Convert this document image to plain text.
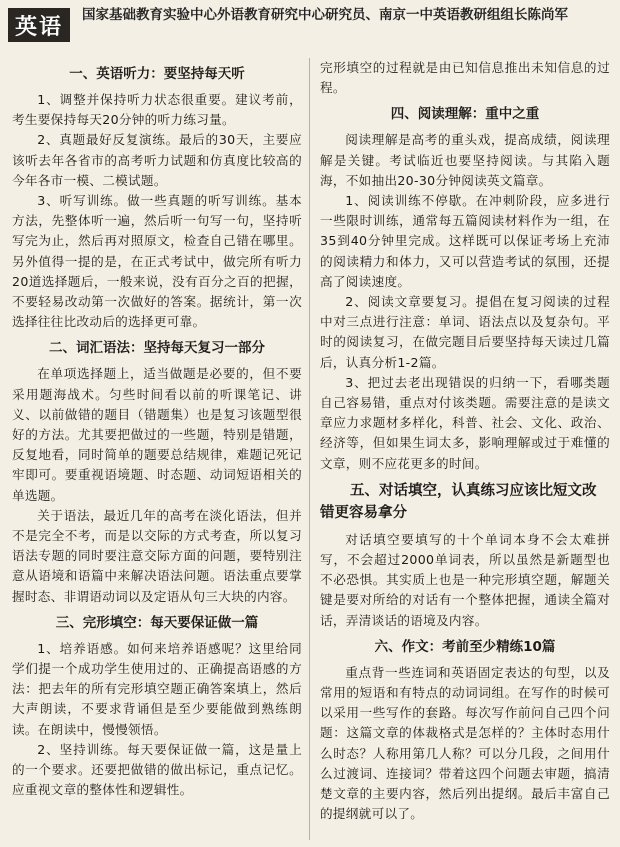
英语	国家基础教育实验中心外语教育研究中心研究员、南京一中英语教研组组长陈尚军
一、英语听力：要坚持每天听

1、调整并保持听力状态很重要。建议考前，考生要保持每天20分钟的听力练习量。

2、真题最好反复演练。最后的30天，主要应该听去年各省市的高考听力试题和仿真度比较高的今年各市一模、二模试题。

3、听写训练。做一些真题的听写训练。基本方法，先整体听一遍，然后听一句写一句，坚持听写完为止，然后再对照原文，检查自己错在哪里。另外值得一提的是，在正式考试中，做完所有听力20道选择题后，一般来说，没有百分之百的把握，不要轻易改动第一次做好的答案。据统计，第一次选择往往比改动后的选择更可靠。

二、词汇语法：坚持每天复习一部分

在单项选择题上，适当做题是必要的，但不要采用题海战术。匀些时间看以前的听课笔记、讲义、以前做错的题目（错题集）也是复习该题型很好的方法。尤其要把做过的一些题，特别是错题，反复地看，同时简单的题要总结规律，难题记死记牢即可。要重视语境题、时态题、动词短语相关的单选题。

关于语法，最近几年的高考在淡化语法，但并不是完全不考，而是以交际的方式考查，所以复习语法专题的同时要注意交际方面的问题，要特别注意从语境和语篇中来解决语法问题。语法重点要掌握时态、非谓语动词以及定语从句三大块的内容。

三、完形填空：每天要保证做一篇

1、培养语感。如何来培养语感呢？这里给同学们提一个成功学生使用过的、正确提高语感的方法：把去年的所有完形填空题正确答案填上，然后大声朗读，不要求背诵但是至少要能做到熟练朗读。在朗读中，慢慢领悟。

2、坚持训练。每天要保证做一篇，这是量上的一个要求。还要把做错的做出标记，重点记忆。应重视文章的整体性和逻辑性。

完形填空的过程就是由已知信息推出未知信息的过程。

四、阅读理解：重中之重

阅读理解是高考的重头戏，提高成绩，阅读理解是关键。考试临近也要坚持阅读。与其陷入题海，不如抽出20-30分钟阅读英文篇章。

1、阅读训练不停歇。在冲刺阶段，应多进行一些限时训练，通常每五篇阅读材料作为一组，在35到40分钟里完成。这样既可以保证考场上充沛的阅读精力和体力，又可以营造考试的氛围，还提高了阅读速度。

2、阅读文章要复习。提倡在复习阅读的过程中对三点进行注意：单词、语法点以及复杂句。平时的阅读复习，在做完题目后要坚持每天读过几篇后，认真分析1-2篇。

3、把过去老出现错误的归纳一下，看哪类题自己容易错，重点对付该类题。需要注意的是读文章应力求题材多样化，科普、社会、文化、政治、经济等，但如果生词太多，影响理解或过于难懂的文章，则不应花更多的时间。

五、对话填空，认真练习应该比短文改错更容易拿分

对话填空要填写的十个单词本身不会太难拼写，不会超过2000单词表，所以虽然是新题型也不必恐惧。其实质上也是一种完形填空题，解题关键是要对所给的对话有一个整体把握，通读全篇对话，弄清谈话的语境及内容。

六、作文：考前至少精练10篇

重点背一些连词和英语固定表达的句型，以及常用的短语和有特点的动词词组。在写作的时候可以采用一些写作的套路。每次写作前问自己四个问题：这篇文章的体裁格式是怎样的？主体时态用什么时态？人称用第几人称？可以分几段，之间用什么过渡词、连接词？带着这四个问题去审题，搞清楚文章的主要内容，然后列出提纲。最后丰富自己的提纲就可以了。
